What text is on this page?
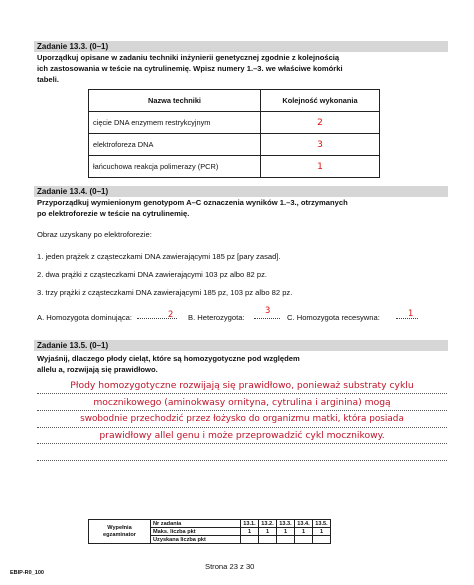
Zadanie 13.3. (0–1)
Uporządkuj opisane w zadaniu techniki inżynierii genetycznej zgodnie z kolejnością
ich zastosowania w teście na cytrulinemię. Wpisz numery 1.–3. we właściwe komórki
tabeli.
Nazwa techniki	Kolejność wykonania
cięcie DNA enzymem restrykcyjnym	2
elektroforeza DNA	3
łańcuchowa reakcja polimerazy (PCR)	1
Zadanie 13.4. (0–1)
Przyporządkuj wymienionym genotypom A–C oznaczenia wyników 1.–3., otrzymanych
po elektroforezie w teście na cytrulinemię.
Obraz uzyskany po elektroforezie:
1. jeden prążek z cząsteczkami DNA zawierającymi 185 pz [pary zasad].
2. dwa prążki z cząsteczkami DNA zawierającymi 103 pz albo 82 pz.
3. trzy prążki z cząsteczkami DNA zawierającymi 185 pz, 103 pz albo 82 pz.
A. Homozygota dominująca:	2 B. Heterozygota:
3
C. Homozygota recesywna:	1
Zadanie 13.5. (0–1)
Wyjaśnij, dlaczego płody cieląt, które są homozygotyczne pod względem
allelu a, rozwijają się prawidłowo.
Płody homozygotyczne rozwijają się prawidłowo, ponieważ substraty cyklu
mocznikowego (aminokwasy ornityna, cytrulina i arginina) mogą
swobodnie przechodzić przez łożysko do organizmu matki, która posiada
prawidłowy allel genu i może przeprowadzić cykl mocznikowy.
Wypełnia
egzaminator	Nr zadania	13.1.	13.2.	13.3.	13.4.	13.5.
	Maks. liczba pkt	1	1	1	1	1
	Uzyskana liczba pkt					
Strona 23 z 30
EBIP-R0_100
